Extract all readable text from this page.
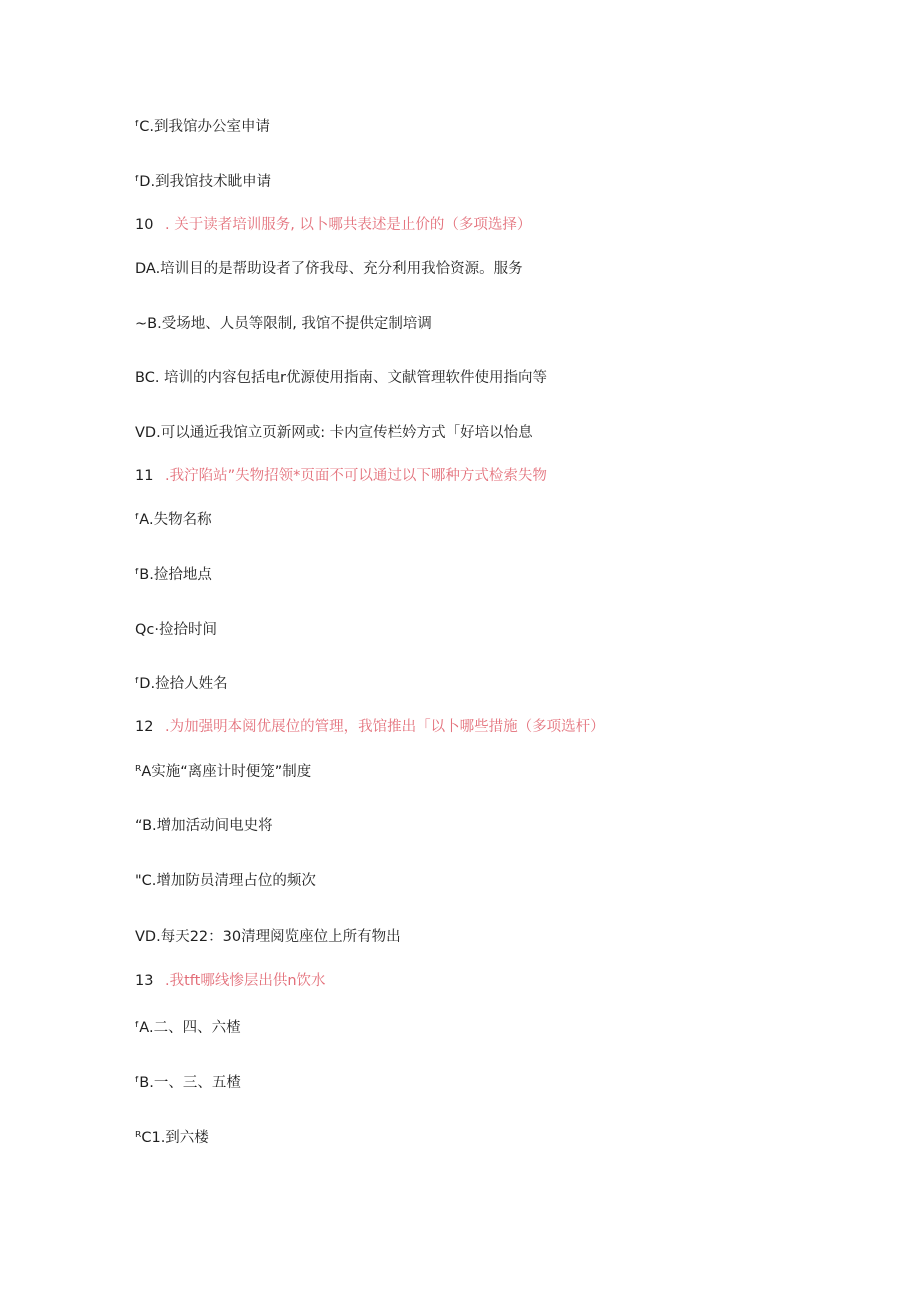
ᶠC.到我馆办公室申请
ᶠD.到我馆技术眦申请
10 . 关于读者培训服务, 以卜哪共表述是止价的（多项选择）
DA.培训目的是帮助设者了侪我母、充分利用我恰资源。服务
~B.受场地、人员等限制, 我馆不提供定制培调
BC. 培训的内容包括电r优源使用指南、文献管理软件使用指向等
VD.可以通近我馆立页新网或: 卡内宣传栏妗方式「好培以怡息
11 .我泞陷站”失物招领*页面不可以通过以下哪种方式检索失物
ᶠA.失物名称
ᶠB.捡拾地点
Qc·捡拾时间
ᶠD.捡拾人姓名
12 .为加强明本阅优展位的管理，我馆推出「以卜哪些措施（多项选杆）
ᴿA实施“离座计时便笼”制度
“B.增加活动间电史将
"C.增加防员清理占位的频次
VD.每天22：30清理阅览座位上所有物出
13 .我tft哪线惨层出供n饮水
ᶠA.二、四、六楂
ᶠB.一、三、五楂
ᴿC1.到六楼
